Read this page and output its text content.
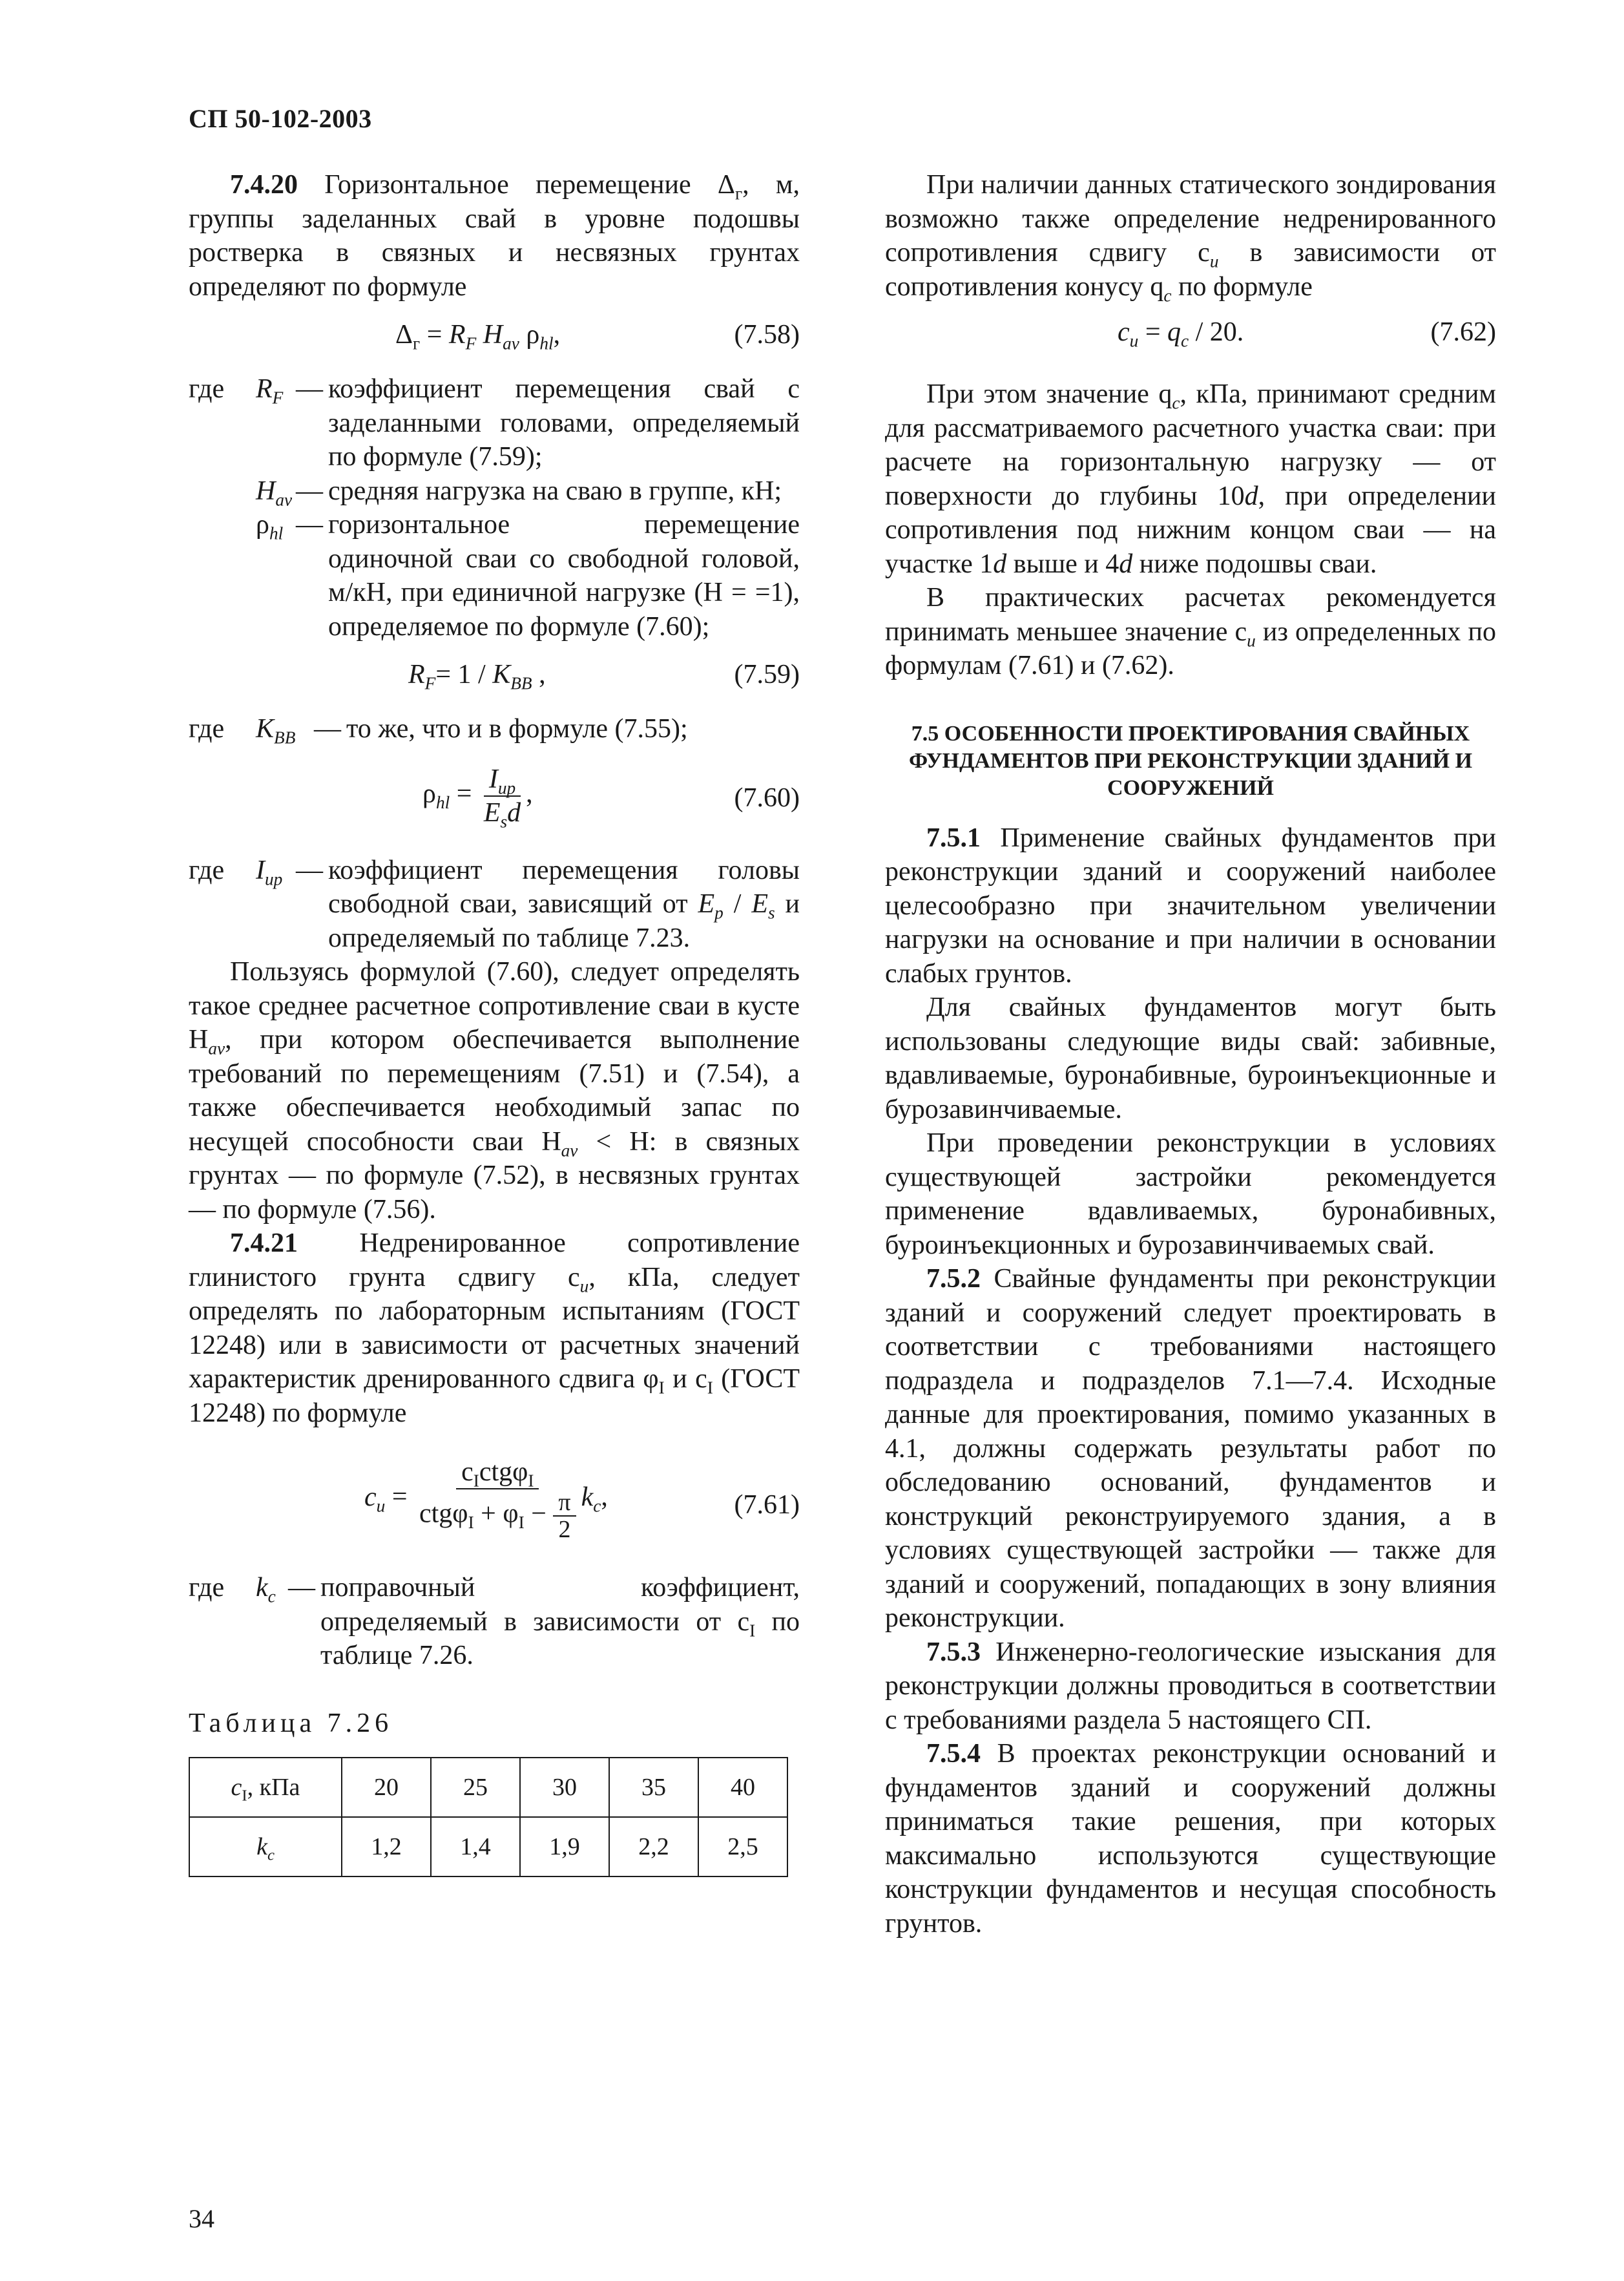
СП 50-102-2003

7.4.20 Горизонтальное перемещение $\Delta_г$, м, группы заделанных свай в уровне подошвы ростверка в связных и несвязных грунтах определяют по формуле

$\Delta_г = R_F$ $H_{av}$ $\rho_{hl}$,	(7.58)
где	$R_F$ — коэффициент перемещения свай с заделанными головами, определяемый по формуле (7.59);
$H_{av}$ — средняя нагрузка на сваю в группе, кН;
$\rho_{hl}$ — горизонтальное перемещение одиночной сваи со свободной головой, м/кН, при единичной нагрузке (H = =1), определяемое по формуле (7.60);
$R_F= 1 / K_{BB}$ ,	(7.59)
где	$K_{BB}$ — то же, что и в формуле (7.55);
$\rho_{hl} = \frac{I_{up}}{E_sd}$ ,	(7.60)
где	$I_{up}$ — коэффициент перемещения головы свободной сваи, зависящий от $E_p / E_s$ и определяемый по таблице 7.23.

Пользуясь формулой (7.60), следует определять такое среднее расчетное сопротивление сваи в кусте $H_{av}$, при котором обеспечивается выполнение требований по перемещениям (7.51) и (7.54), а также обеспечивается необходимый запас по несущей способности сваи $H_{av} < H$: в связных грунтах — по формуле (7.52), в несвязных грунтах — по формуле (7.56).

7.4.21 Недренированное сопротивление глинистого грунта сдвигу $c_u$, кПа, следует определять по лабораторным испытаниям (ГОСТ 12248) или в зависимости от расчетных значений характеристик дренированного сдвига $\varphi_I$ и $c_I$ (ГОСТ 12248) по формуле

$c_u = \frac{c_Ictg\varphi_I}{ctg\varphi_I + \varphi_I - \frac{\pi}{2}} k_c$,	(7.61)
где	$k_c$ — поправочный коэффициент, определяемый в зависимости от $c_I$ по таблице 7.26.
Таблица 7.26
$c_I$, кПа	20	25	30	35	40
$k_c$	1,2	1,4	1,9	2,2	2,5

При наличии данных статического зондирования возможно также определение недренированного сопротивления сдвигу $c_u$ в зависимости от сопротивления конусу $q_c$ по формуле

$c_u = q_c / 20$.	(7.62)

При этом значение $q_c$, кПа, принимают средним для рассматриваемого расчетного участка сваи: при расчете на горизонтальную нагрузку — от поверхности до глубины 10d, при определении сопротивления под нижним концом сваи — на участке 1d выше и 4d ниже подошвы сваи.

В практических расчетах рекомендуется принимать меньшее значение $c_u$ из определенных по формулам (7.61) и (7.62).

7.5 ОСОБЕННОСТИ ПРОЕКТИРОВАНИЯ СВАЙНЫХ ФУНДАМЕНТОВ ПРИ РЕКОНСТРУКЦИИ ЗДАНИЙ И СООРУЖЕНИЙ

7.5.1 Применение свайных фундаментов при реконструкции зданий и сооружений наиболее целесообразно при значительном увеличении нагрузки на основание и при наличии в основании слабых грунтов.

Для свайных фундаментов могут быть использованы следующие виды свай: забивные, вдавливаемые, буронабивные, буроинъекционные и бурозавинчиваемые.

При проведении реконструкции в условиях существующей застройки рекомендуется применение вдавливаемых, буронабивных, буроинъекционных и бурозавинчиваемых свай.

7.5.2 Свайные фундаменты при реконструкции зданий и сооружений следует проектировать в соответствии с требованиями настоящего подраздела и подразделов 7.1—7.4. Исходные данные для проектирования, помимо указанных в 4.1, должны содержать результаты работ по обследованию оснований, фундаментов и конструкций реконструируемого здания, а в условиях существующей застройки — также для зданий и сооружений, попадающих в зону влияния реконструкции.

7.5.3 Инженерно-геологические изыскания для реконструкции должны проводиться в соответствии с требованиями раздела 5 настоящего СП.

7.5.4 В проектах реконструкции оснований и фундаментов зданий и сооружений должны приниматься такие решения, при которых максимально используются существующие конструкции фундаментов и несущая способность грунтов.

34
